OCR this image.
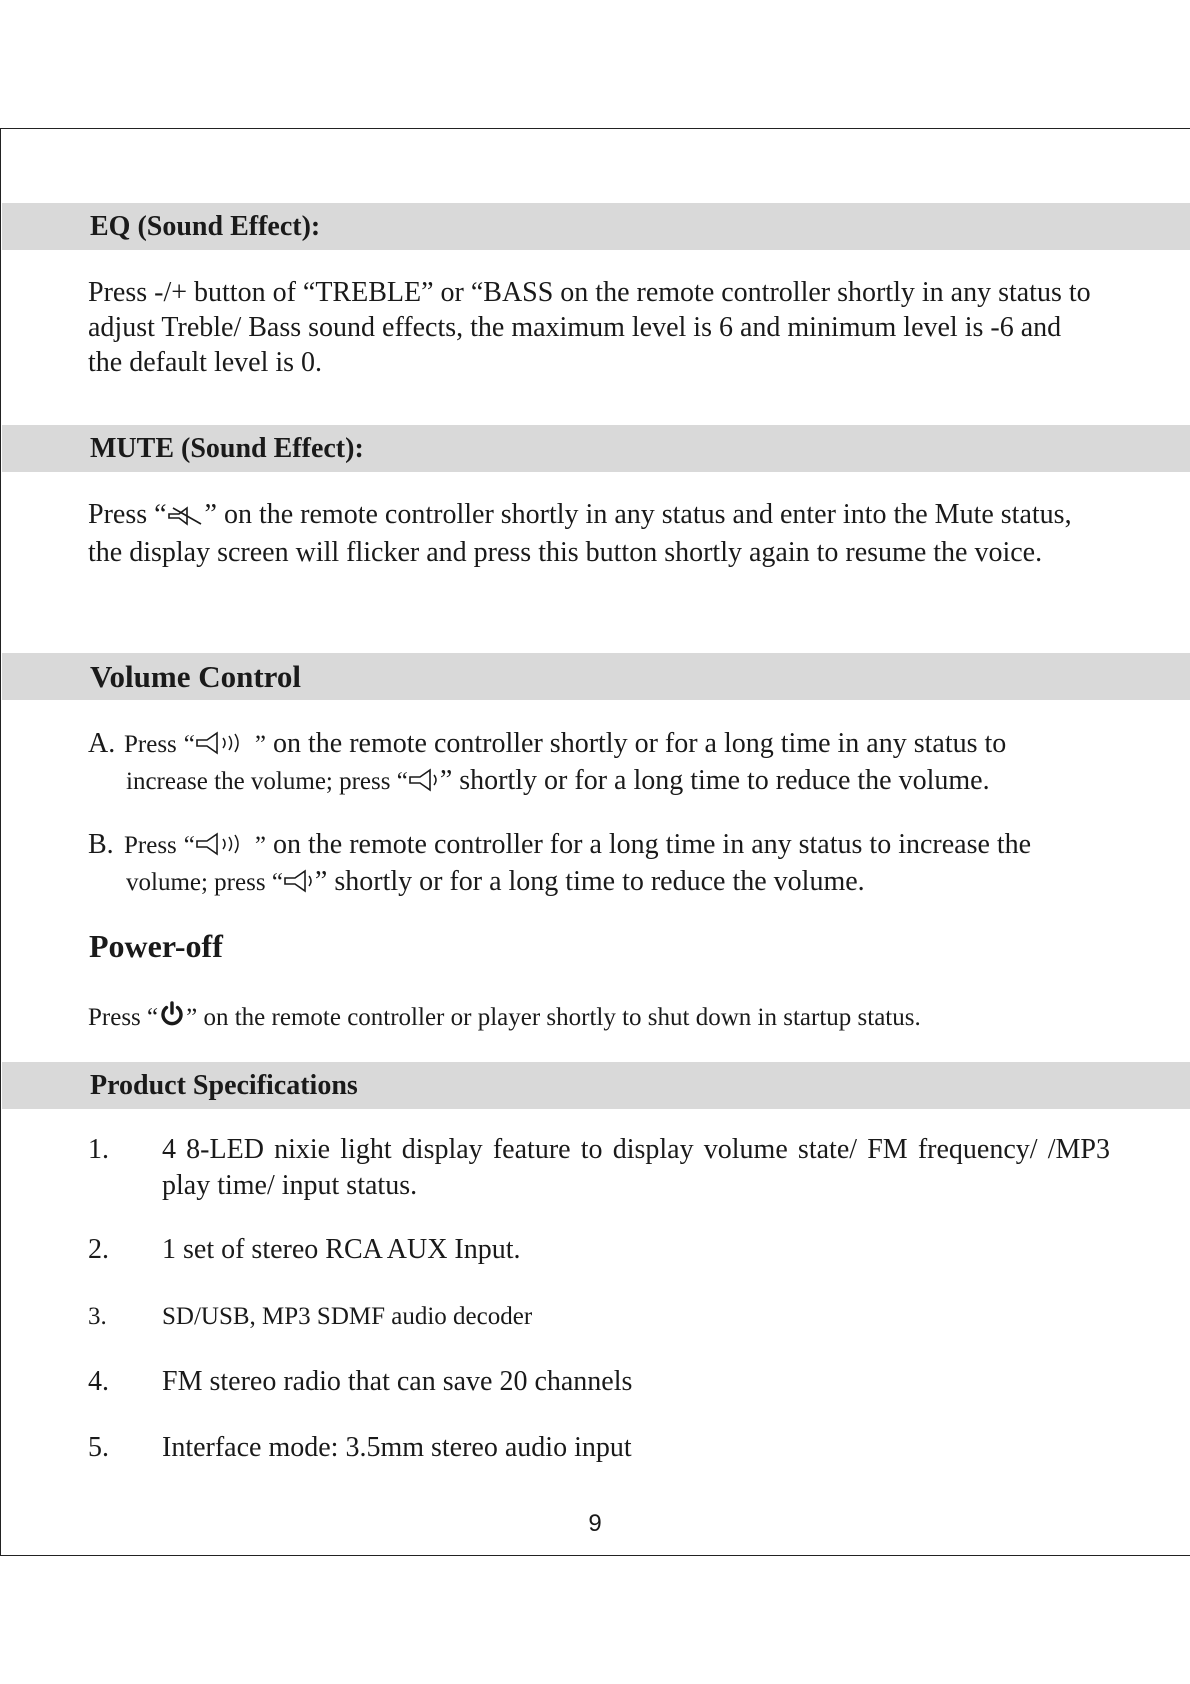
EQ (Sound Effect):
Press -/+ button of “TREBLE” or “BASS on the remote controller shortly in any status to adjust Treble/ Bass sound effects, the maximum level is 6 and minimum level is -6 and the default level is 0.
MUTE (Sound Effect):
Press “ ” on the remote controller shortly in any status and enter into the Mute status, the display screen will flicker and press this button shortly again to resume the voice.
Volume Control
A. Press “ ” on the remote controller shortly or for a long time in any status to
increase the volume; press “ ” shortly or for a long time to reduce the volume.
B. Press “ ” on the remote controller for a long time in any status to increase the
volume; press “ ” shortly or for a long time to reduce the volume.
Power-off
Press “ ” on the remote controller or player shortly to shut down in startup status.
Product Specifications
1. 4 8-LED nixie light display feature to display volume state/ FM frequency/ /MP3 play time/ input status.
2. 1 set of stereo RCA AUX Input.
3. SD/USB, MP3 SDMF audio decoder
4. FM stereo radio that can save 20 channels
5. Interface mode: 3.5mm stereo audio input
9
